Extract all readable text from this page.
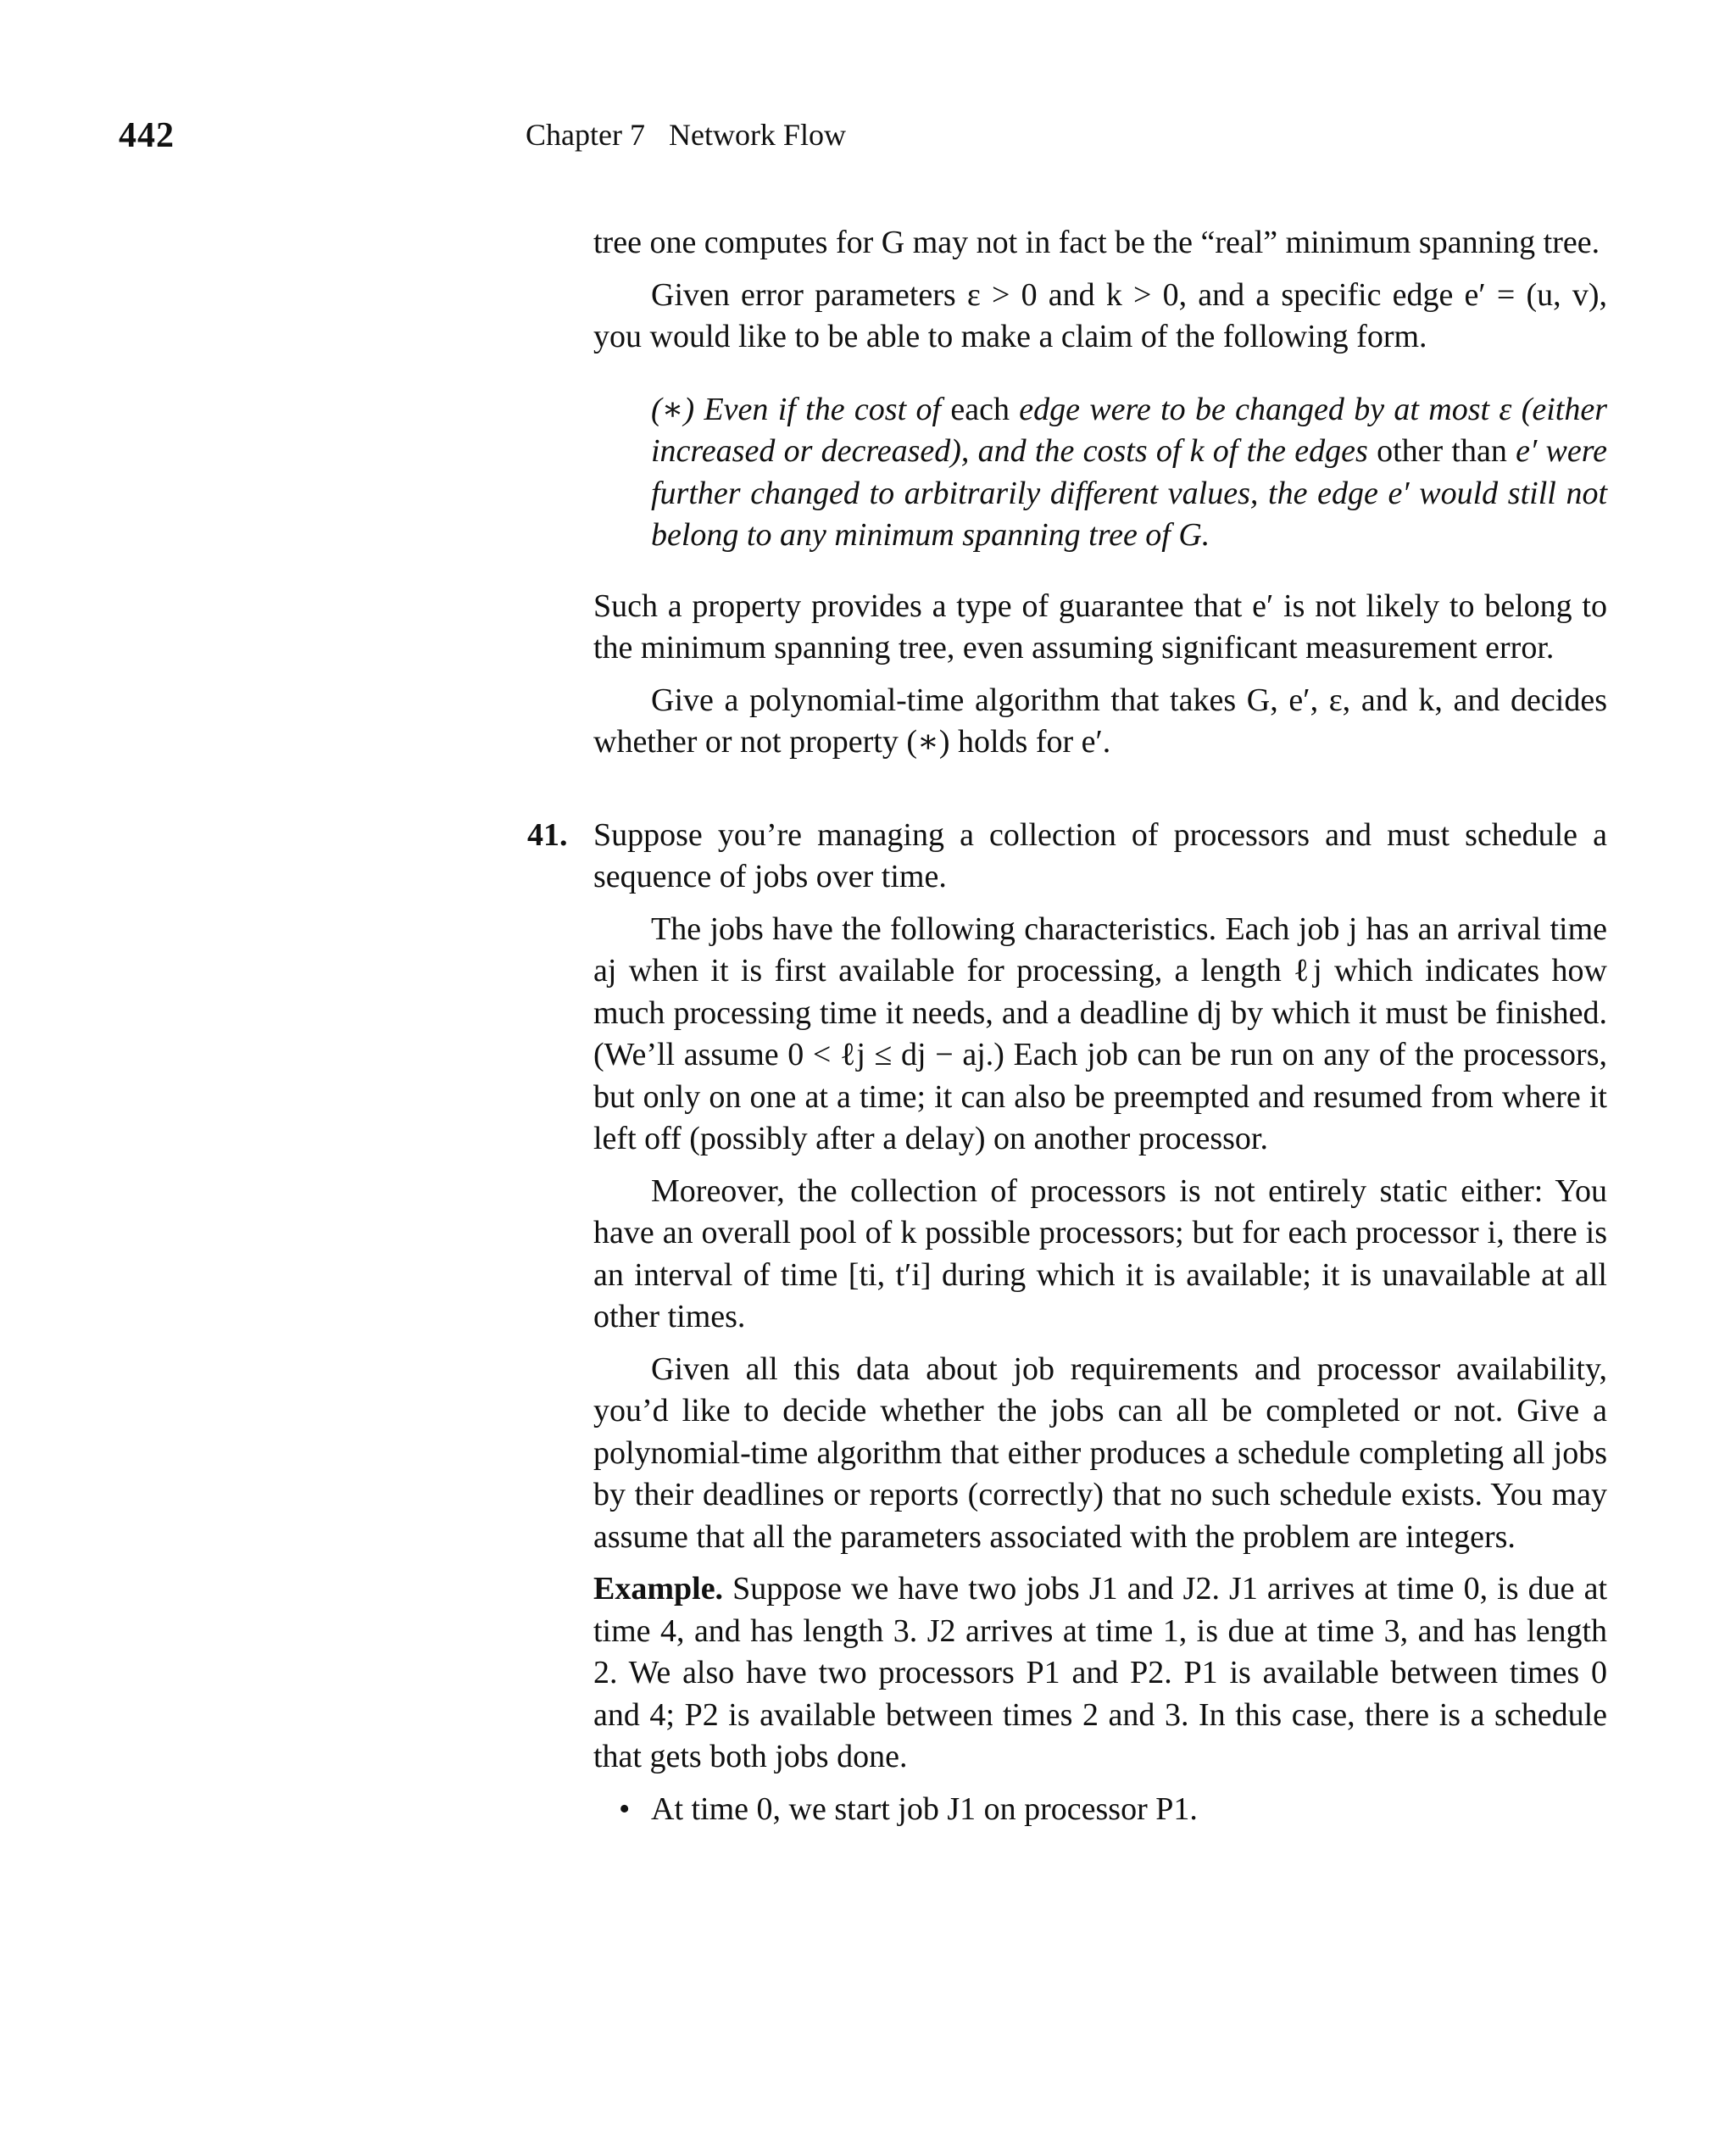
442	Chapter 7 Network Flow

tree one computes for G may not in fact be the “real” minimum spanning tree.

Given error parameters ε > 0 and k > 0, and a specific edge e′ = (u, v), you would like to be able to make a claim of the following form.

(∗) Even if the cost of each edge were to be changed by at most ε (either increased or decreased), and the costs of k of the edges other than e′ were further changed to arbitrarily different values, the edge e′ would still not belong to any minimum spanning tree of G.

Such a property provides a type of guarantee that e′ is not likely to belong to the minimum spanning tree, even assuming significant measurement error.

Give a polynomial-time algorithm that takes G, e′, ε, and k, and decides whether or not property (∗) holds for e′.

41. Suppose you’re managing a collection of processors and must schedule a sequence of jobs over time.

The jobs have the following characteristics. Each job j has an arrival time aj when it is first available for processing, a length ℓj which indicates how much processing time it needs, and a deadline dj by which it must be finished. (We’ll assume 0 < ℓj ≤ dj − aj.) Each job can be run on any of the processors, but only on one at a time; it can also be preempted and resumed from where it left off (possibly after a delay) on another processor.

Moreover, the collection of processors is not entirely static either: You have an overall pool of k possible processors; but for each processor i, there is an interval of time [ti, t′i] during which it is available; it is unavailable at all other times.

Given all this data about job requirements and processor availability, you’d like to decide whether the jobs can all be completed or not. Give a polynomial-time algorithm that either produces a schedule completing all jobs by their deadlines or reports (correctly) that no such schedule exists. You may assume that all the parameters associated with the problem are integers.

Example. Suppose we have two jobs J1 and J2. J1 arrives at time 0, is due at time 4, and has length 3. J2 arrives at time 1, is due at time 3, and has length 2. We also have two processors P1 and P2. P1 is available between times 0 and 4; P2 is available between times 2 and 3. In this case, there is a schedule that gets both jobs done.

• At time 0, we start job J1 on processor P1.
